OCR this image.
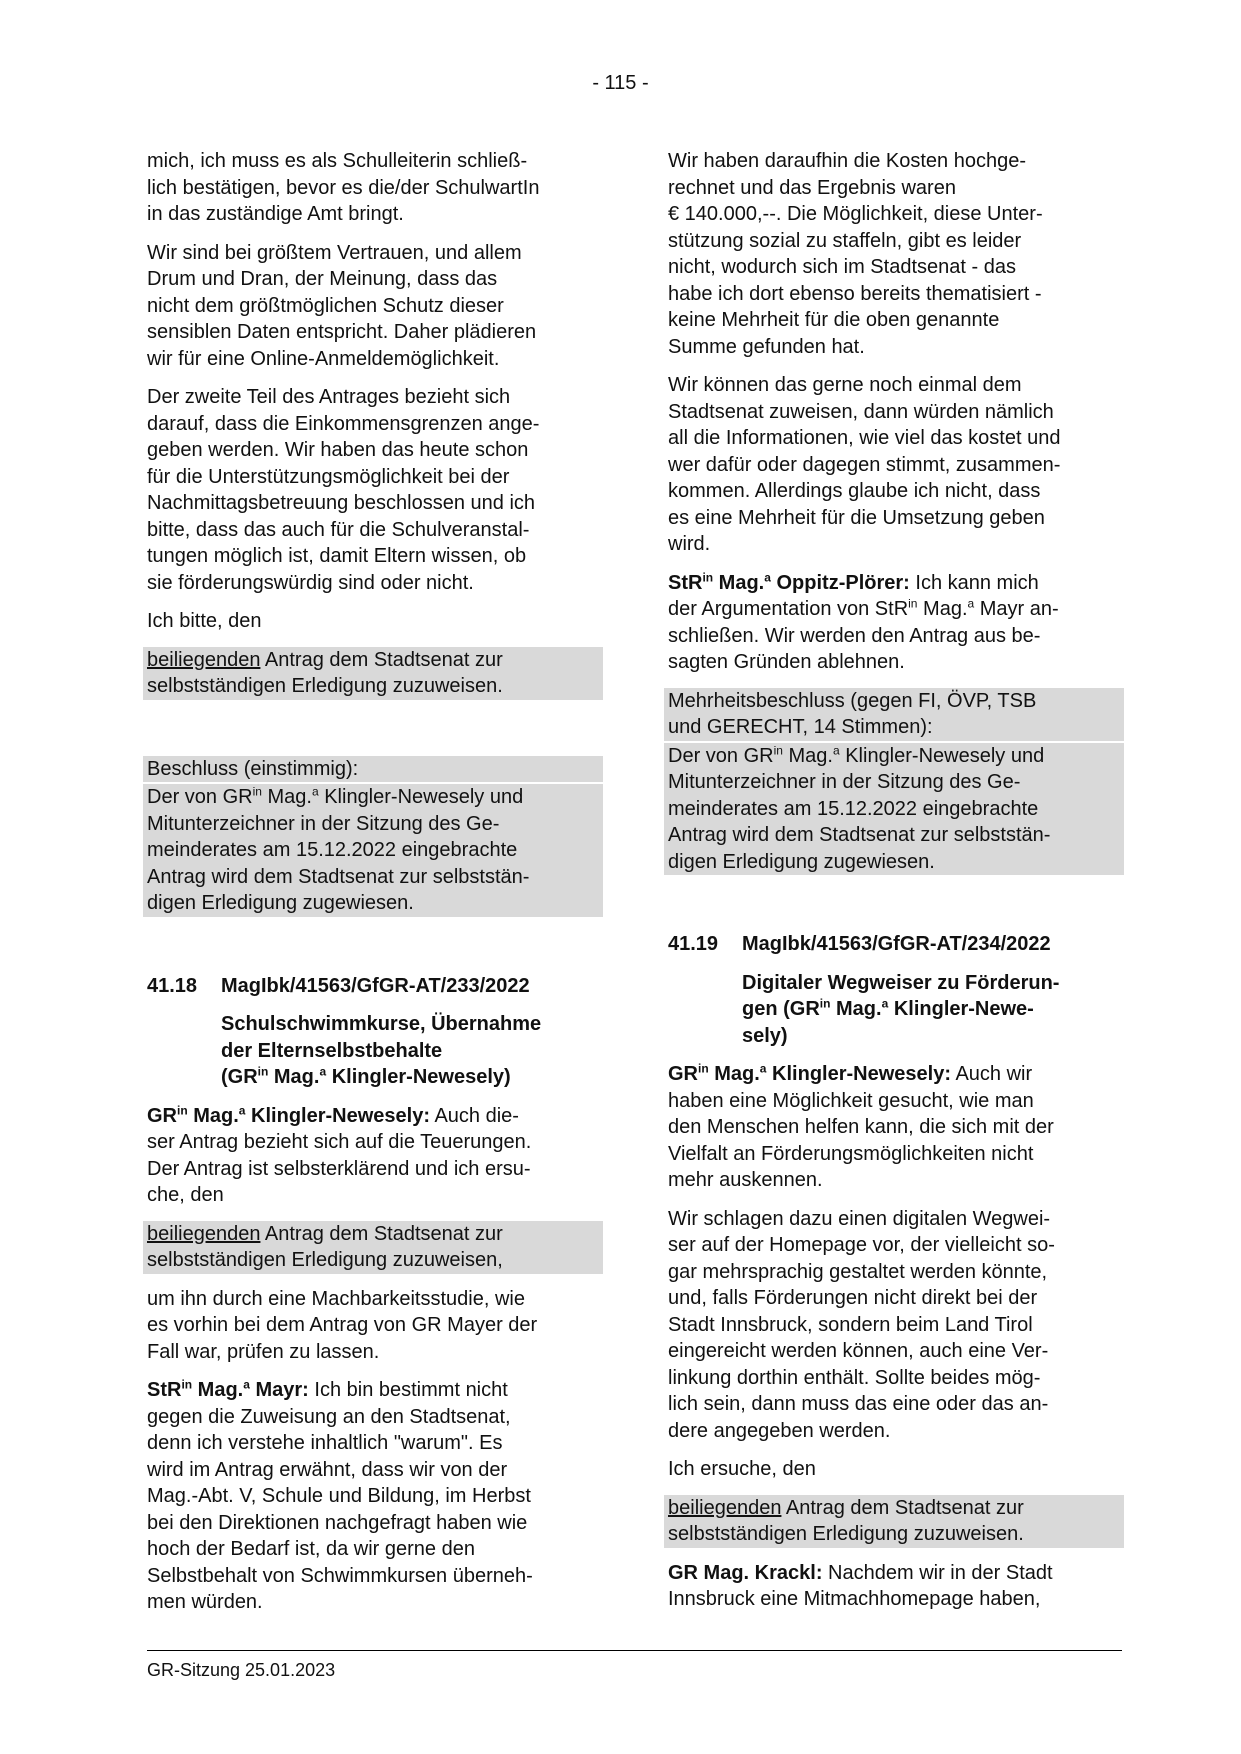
- 115 -

mich, ich muss es als Schulleiterin schließ-
lich bestätigen, bevor es die/der SchulwartIn
in das zuständige Amt bringt.

Wir sind bei größtem Vertrauen, und allem
Drum und Dran, der Meinung, dass das
nicht dem größtmöglichen Schutz dieser
sensiblen Daten entspricht. Daher plädieren
wir für eine Online-Anmeldemöglichkeit.

Der zweite Teil des Antrages bezieht sich
darauf, dass die Einkommensgrenzen ange-
geben werden. Wir haben das heute schon
für die Unterstützungsmöglichkeit bei der
Nachmittagsbetreuung beschlossen und ich
bitte, dass das auch für die Schulveranstal-
tungen möglich ist, damit Eltern wissen, ob
sie förderungswürdig sind oder nicht.

Ich bitte, den

beiliegenden Antrag dem Stadtsenat zur
selbstständigen Erledigung zuzuweisen.
Beschluss (einstimmig):
Der von $GR^{in}$ Mag.$^a$ Klingler-Newesely und
Mitunterzeichner in der Sitzung des Ge-
meinderates am 15.12.2022 eingebrachte
Antrag wird dem Stadtsenat zur selbststän-
digen Erledigung zugewiesen.
41.18	MagIbk/41563/GfGR-AT/233/2022
Schulschwimmkurse, Übernahme
der Elternselbstbehalte
($GR^{in}$ Mag.$^a$ Klingler-Newesely)

$GR^{in}$ Mag.$^a$ Klingler-Newesely: Auch die-
ser Antrag bezieht sich auf die Teuerungen.
Der Antrag ist selbsterklärend und ich ersu-
che, den

beiliegenden Antrag dem Stadtsenat zur
selbstständigen Erledigung zuzuweisen,

um ihn durch eine Machbarkeitsstudie, wie
es vorhin bei dem Antrag von GR Mayer der
Fall war, prüfen zu lassen.

StR$^{in}$ Mag.$^a$ Mayr: Ich bin bestimmt nicht
gegen die Zuweisung an den Stadtsenat,
denn ich verstehe inhaltlich "warum". Es
wird im Antrag erwähnt, dass wir von der
Mag.-Abt. V, Schule und Bildung, im Herbst
bei den Direktionen nachgefragt haben wie
hoch der Bedarf ist, da wir gerne den
Selbstbehalt von Schwimmkursen überneh-
men würden.

Wir haben daraufhin die Kosten hochge-
rechnet und das Ergebnis waren
€ 140.000,--. Die Möglichkeit, diese Unter-
stützung sozial zu staffeln, gibt es leider
nicht, wodurch sich im Stadtsenat - das
habe ich dort ebenso bereits thematisiert -
keine Mehrheit für die oben genannte
Summe gefunden hat.

Wir können das gerne noch einmal dem
Stadtsenat zuweisen, dann würden nämlich
all die Informationen, wie viel das kostet und
wer dafür oder dagegen stimmt, zusammen-
kommen. Allerdings glaube ich nicht, dass
es eine Mehrheit für die Umsetzung geben
wird.

StR$^{in}$ Mag.$^a$ Oppitz-Plörer: Ich kann mich
der Argumentation von StR$^{in}$ Mag.$^a$ Mayr an-
schließen. Wir werden den Antrag aus be-
sagten Gründen ablehnen.

Mehrheitsbeschluss (gegen FI, ÖVP, TSB
und GERECHT, 14 Stimmen):
Der von $GR^{in}$ Mag.$^a$ Klingler-Newesely und
Mitunterzeichner in der Sitzung des Ge-
meinderates am 15.12.2022 eingebrachte
Antrag wird dem Stadtsenat zur selbststän-
digen Erledigung zugewiesen.
41.19	MagIbk/41563/GfGR-AT/234/2022
Digitaler Wegweiser zu Förderun-
gen ($GR^{in}$ Mag.$^a$ Klingler-Newe-
sely)

$GR^{in}$ Mag.$^a$ Klingler-Newesely: Auch wir
haben eine Möglichkeit gesucht, wie man
den Menschen helfen kann, die sich mit der
Vielfalt an Förderungsmöglichkeiten nicht
mehr auskennen.

Wir schlagen dazu einen digitalen Wegwei-
ser auf der Homepage vor, der vielleicht so-
gar mehrsprachig gestaltet werden könnte,
und, falls Förderungen nicht direkt bei der
Stadt Innsbruck, sondern beim Land Tirol
eingereicht werden können, auch eine Ver-
linkung dorthin enthält. Sollte beides mög-
lich sein, dann muss das eine oder das an-
dere angegeben werden.

Ich ersuche, den

beiliegenden Antrag dem Stadtsenat zur
selbstständigen Erledigung zuzuweisen.

GR Mag. Krackl: Nachdem wir in der Stadt
Innsbruck eine Mitmachhomepage haben,

GR-Sitzung 25.01.2023
